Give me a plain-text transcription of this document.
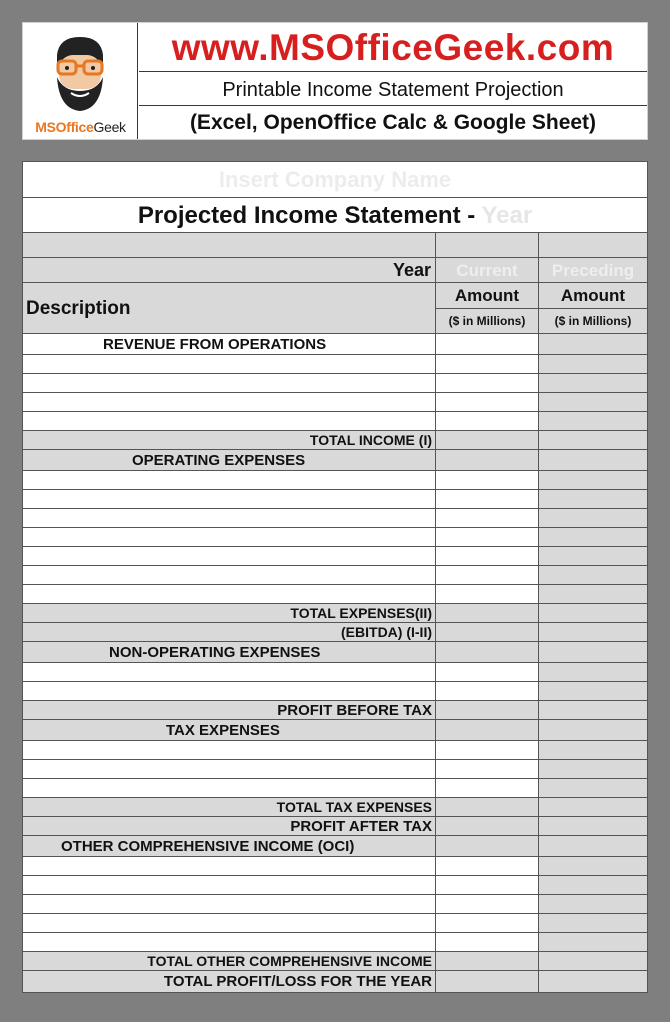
MSOfficeGeek
www.MSOfficeGeek.com
Printable Income Statement Projection
(Excel, OpenOffice Calc & Google Sheet)
Insert Company Name
Projected Income Statement - Year
Year	Current	Preceding
Description
Amount
($ in Millions)
Amount
($ in Millions)
REVENUE FROM OPERATIONS
TOTAL INCOME (I)
OPERATING EXPENSES
TOTAL EXPENSES(II)
(EBITDA) (I-II)
NON-OPERATING EXPENSES
PROFIT BEFORE TAX
TAX EXPENSES
TOTAL TAX EXPENSES
PROFIT AFTER TAX
OTHER COMPREHENSIVE INCOME (OCI)
TOTAL OTHER COMPREHENSIVE INCOME
TOTAL PROFIT/LOSS FOR THE YEAR
